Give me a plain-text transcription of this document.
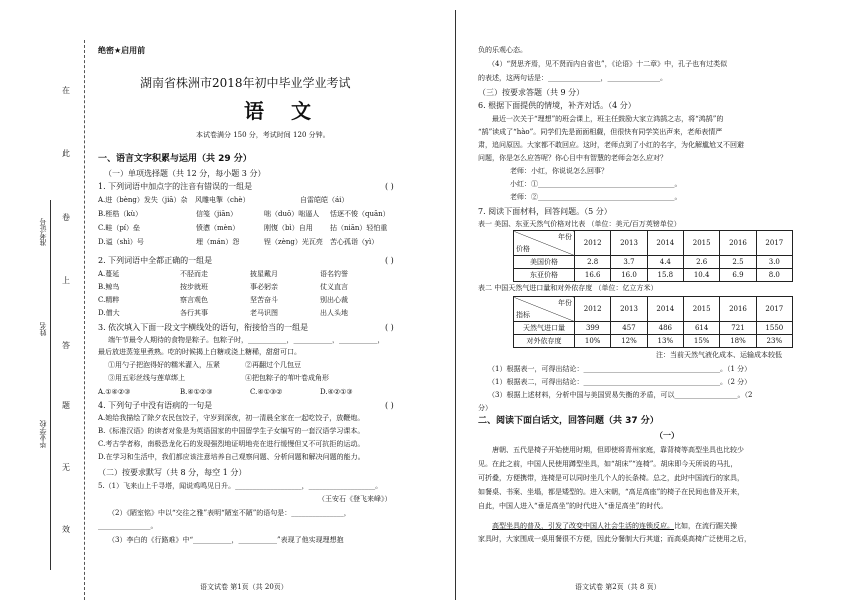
在
此
卷
上
答
题
无
效
准考证号
姓名
毕业学校
绝密★启用前
湖南省株洲市2018年初中毕业学业考试
语 文
本试卷满分 150 分，考试时间 120 分钟。
一、语言文字积累与运用（共 29 分）
（一）单项选择题（共 12 分，每小题 3 分）
1. 下列词语中加点字的注音有错误的一组是	( )
A.进（bèng）发失（jiā）杂 风雕电掣（chè）	自雷皑皑（ái）
B.桎梏（kù）	信笺（jiān）	咄（duō）咄逼人 恬逐不悛（quān）
C.畦（pí）垒	愤懑（mèn）	刚愎（bì）自用 拈（niān）轻怕重
D.谥（shì）号	埋（mán）怨	锃（zèng）光瓦亮 苦心孤诣（yì）
2. 下列词语中全都正确的一组是	( )
A.蔓延	不胫而走	披星戴月	语名钓誉
B.鲸鸟	按步就班	事必躬亲	仗义直言
C.精粹	察言观色	坚苦奋斗	别出心裁
D.僧大	各行其事	老马识图	出人头地
3. 依次填入下面一段文字横线处的语句，衔接恰当的一组是	( )
端午节最令人期待的食物是粽子。包粽子时，___________，___________，___________，
最后放进蒸笼里煮熟。吃的时候揭上白糖或浇上糖稀，甜甜可口。
①用勺子把泡得好的糯米灌入，压紧	②再翻过个几包豆
③用五彩丝线与莲草绑上	④把包粽子的苇叶卷成角形
A.①④②③	B.④①②③	C.④①③②	D.④②①③
4. 下列句子中没有语病的一句是	( )
A.她给我描绘了除夕农民包饺子，守岁到深夜，初一清晨全家在一起吃饺子，放鞭炮。
B.《标准汉语》的读者对象是为英语国家的中国留学生子女编写的一套汉语学习课本。
C.考古学者称，南极恐龙化石的发现强烈地证明地壳在进行缓慢但又不可抗拒的运动。
D.在学习和生活中，我们都应该注意培养自己观察问题、分析问题和解决问题的能力。
（二）按要求默写（共 8 分，每空 1 分）
5.（1）飞来山上千寻塔，闻说鸡鸣见日升。___________________，___________________。
（王安石《登飞来峰》）
（2）《陋室铭》中以“交往之雅”表明“陋室不陋”的语句是：_______________，
_______________。
（3）李白的《行路难》中“___________，___________”表现了他实现理想抱
语文试卷 第1页（共 20页）
负的乐观心态。
（4）“贤思齐焉，见不贤而内自省也”，《论语》十二章》中，孔子也有过类似
的表述，这两句话是：_______________，_______________。
（三）按要求答题（共 9 分）
6. 根据下面提供的情境，补齐对话。（4 分）
最近一次关于“理想”的班会课上，班主任鼓励大家立鸿鹄之志，将“鸿鹄”的
“鹄”读成了“hào”。同学们先是面面相觑，但很快有同学笑出声来，老师表情严
肃，追问原因。大家都不敢回应。这时，老师点到了小红的名字，为化解尴尬又不回避
问题，你是怎么应答呢？你心目中有智慧的老师会怎么应对？
老师：小红，你说说怎么回事？
小红：①_______________________________________。
老师：②_______________________________________。
7. 阅读下面材料，回答问题。（5 分）
表一 美国、东亚天然气价格对比表 （单位：美元/百万英镑单位）
年份
价格	2012	2013	2014	2015	2016	2017
美国价格	2.8	3.7	4.4	2.6	2.5	3.0
东亚价格	16.6	16.0	15.8	10.4	6.9	8.0
表二 中国天然气进口量和对外依存度 （单位：亿立方米）
年份
指标	2012	2013	2014	2015	2016	2017
天然气进口量	399	457	486	614	721	1550
对外依存度	10%	12%	13%	15%	18%	23%
注：当前天然气液化成本、运输成本较低
（1）根据表一，可得出结论：_______________________________________。（1 分）
（1）根据表二，可得出结论：_______________________________________。（2 分）
（3）根据上述材料，分析中国与美国贸易失衡的矛盾，可以__________________。（2
分）
二、阅读下面白话文，回答问题（共 37 分）
（一）
唐朝、五代是椅子开始使用时期，但即使将青州家庭，靠背椅等高型坐具也比较少
见。在此之前，中国人民使用蹲型坐具，如“胡床”“连椅”。胡床即今天所说的马扎，
可折叠，方便携带，连椅是可以同时坐几个人的长条椅。总之，此时中国流行的家具，
如餐桌、书案、坐塌，都是矮型的。进入宋朝，“高足高座”的椅子在民间也普及开来，
自此，中国人进入“垂足高坐”的时代进入“垂足高坐”的时代。
高型坐具的普及，引发了改变中国人社会生活的连锁反应。比如，在流行踞关操
家具时，大家围成一桌用餐很不方便，因此分餐制大行其道；而高桌高椅广泛使用之后，
语文试卷 第2页（共 8 页）
